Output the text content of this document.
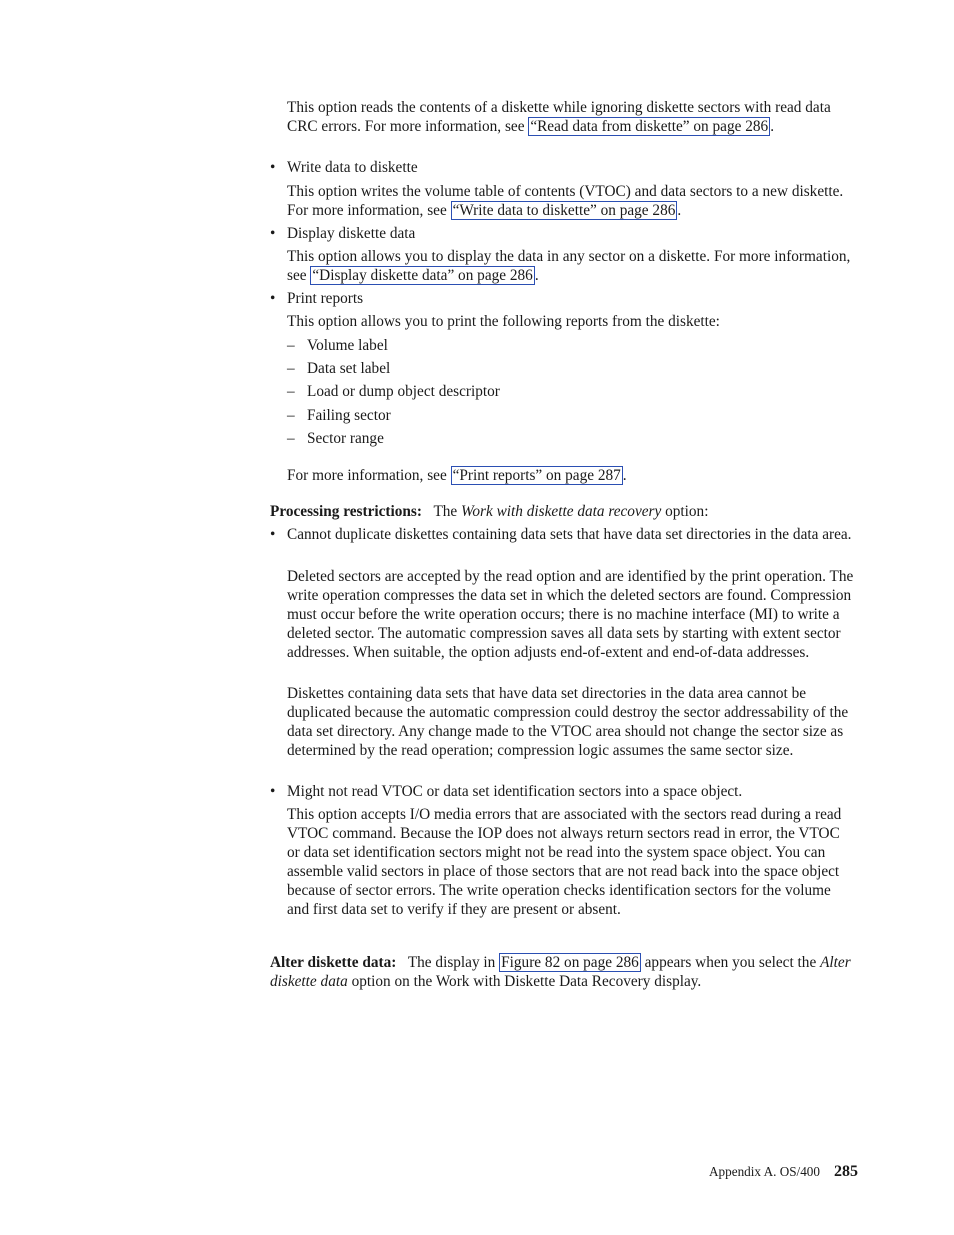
This option reads the contents of a diskette while ignoring diskette sectors with read data CRC errors. For more information, see “Read data from diskette” on page 286 .

• Write data to diskette

This option writes the volume table of contents (VTOC) and data sectors to a new diskette. For more information, see “Write data to diskette” on page 286 .

• Display diskette data

This option allows you to display the data in any sector on a diskette. For more information, see “Display diskette data” on page 286 .

• Print reports

This option allows you to print the following reports from the diskette:

– Volume label
– Data set label
– Load or dump object descriptor
– Failing sector
– Sector range

For more information, see “Print reports” on page 287 .

Processing restrictions: The Work with diskette data recovery option:

• Cannot duplicate diskettes containing data sets that have data set directories in the data area.

Deleted sectors are accepted by the read option and are identified by the print operation. The write operation compresses the data set in which the deleted sectors are found. Compression must occur before the write operation occurs; there is no machine interface (MI) to write a deleted sector. The automatic compression saves all data sets by starting with extent sector addresses. When suitable, the option adjusts end-of-extent and end-of-data addresses.

Diskettes containing data sets that have data set directories in the data area cannot be duplicated because the automatic compression could destroy the sector addressability of the data set directory. Any change made to the VTOC area should not change the sector size as determined by the read operation; compression logic assumes the same sector size.

• Might not read VTOC or data set identification sectors into a space object.

This option accepts I/O media errors that are associated with the sectors read during a read VTOC command. Because the IOP does not always return sectors read in error, the VTOC or data set identification sectors might not be read into the system space object. You can assemble valid sectors in place of those sectors that are not read back into the space object because of sector errors. The write operation checks identification sectors for the volume and first data set to verify if they are present or absent.

Alter diskette data: The display in Figure 82 on page 286 appears when you select the Alter diskette data option on the Work with Diskette Data Recovery display.

Appendix A. OS/400 285
